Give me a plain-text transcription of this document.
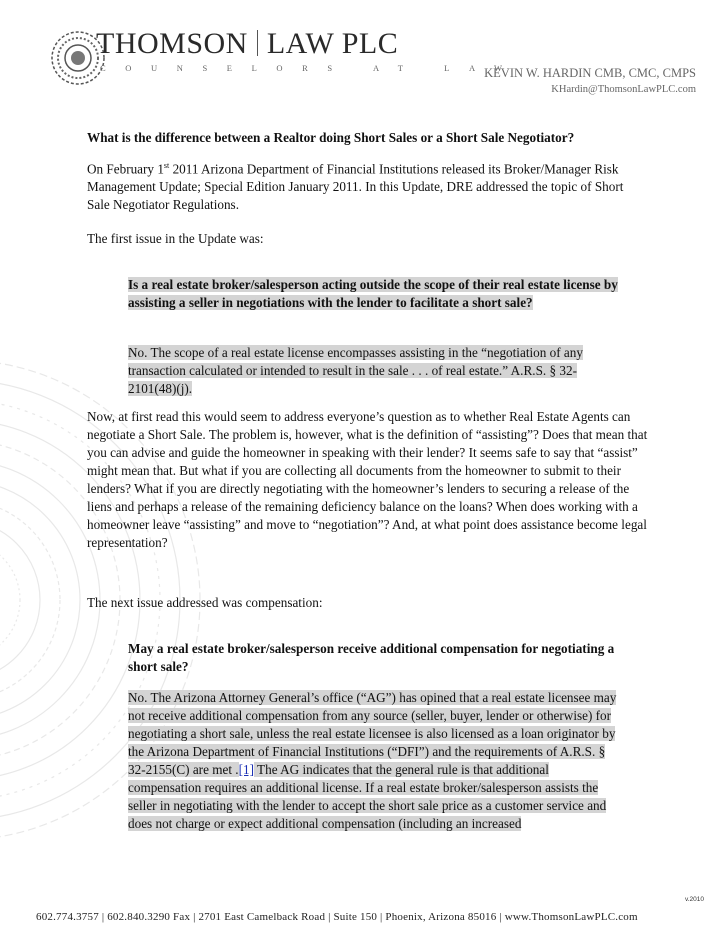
THOMSON LAW PLC
COUNSELORS AT LAW
KEVIN W. HARDIN CMB, CMC, CMPS
KHardin@ThomsonLawPLC.com

What is the difference between a Realtor doing Short Sales or a Short Sale Negotiator?

On February 1st 2011 Arizona Department of Financial Institutions released its Broker/Manager Risk Management Update; Special Edition January 2011. In this Update, DRE addressed the topic of Short Sale Negotiator Regulations.

The first issue in the Update was:

Is a real estate broker/salesperson acting outside the scope of their real estate license by assisting a seller in negotiations with the lender to facilitate a short sale?

No. The scope of a real estate license encompasses assisting in the “negotiation of any transaction calculated or intended to result in the sale . . . of real estate.” A.R.S. § 32-2101(48)(j).

Now, at first read this would seem to address everyone’s question as to whether Real Estate Agents can negotiate a Short Sale. The problem is, however, what is the definition of “assisting”? Does that mean that you can advise and guide the homeowner in speaking with their lender? It seems safe to say that “assist” might mean that. But what if you are collecting all documents from the homeowner to submit to their lenders? What if you are directly negotiating with the homeowner’s lenders to securing a release of the liens and perhaps a release of the remaining deficiency balance on the loans? When does working with a homeowner leave “assisting” and move to “negotiation”? And, at what point does assistance become legal representation?

The next issue addressed was compensation:

May a real estate broker/salesperson receive additional compensation for negotiating a short sale?

No. The Arizona Attorney General’s office (“AG”) has opined that a real estate licensee may not receive additional compensation from any source (seller, buyer, lender or otherwise) for negotiating a short sale, unless the real estate licensee is also licensed as a loan originator by the Arizona Department of Financial Institutions (“DFI”) and the requirements of A.R.S. § 32-2155(C) are met .[1] The AG indicates that the general rule is that additional compensation requires an additional license. If a real estate broker/salesperson assists the seller in negotiating with the lender to accept the short sale price as a customer service and does not charge or expect additional compensation (including an increased

v.2010
602.774.3757 | 602.840.3290 Fax | 2701 East Camelback Road | Suite 150 | Phoenix, Arizona 85016 | www.ThomsonLawPLC.com
